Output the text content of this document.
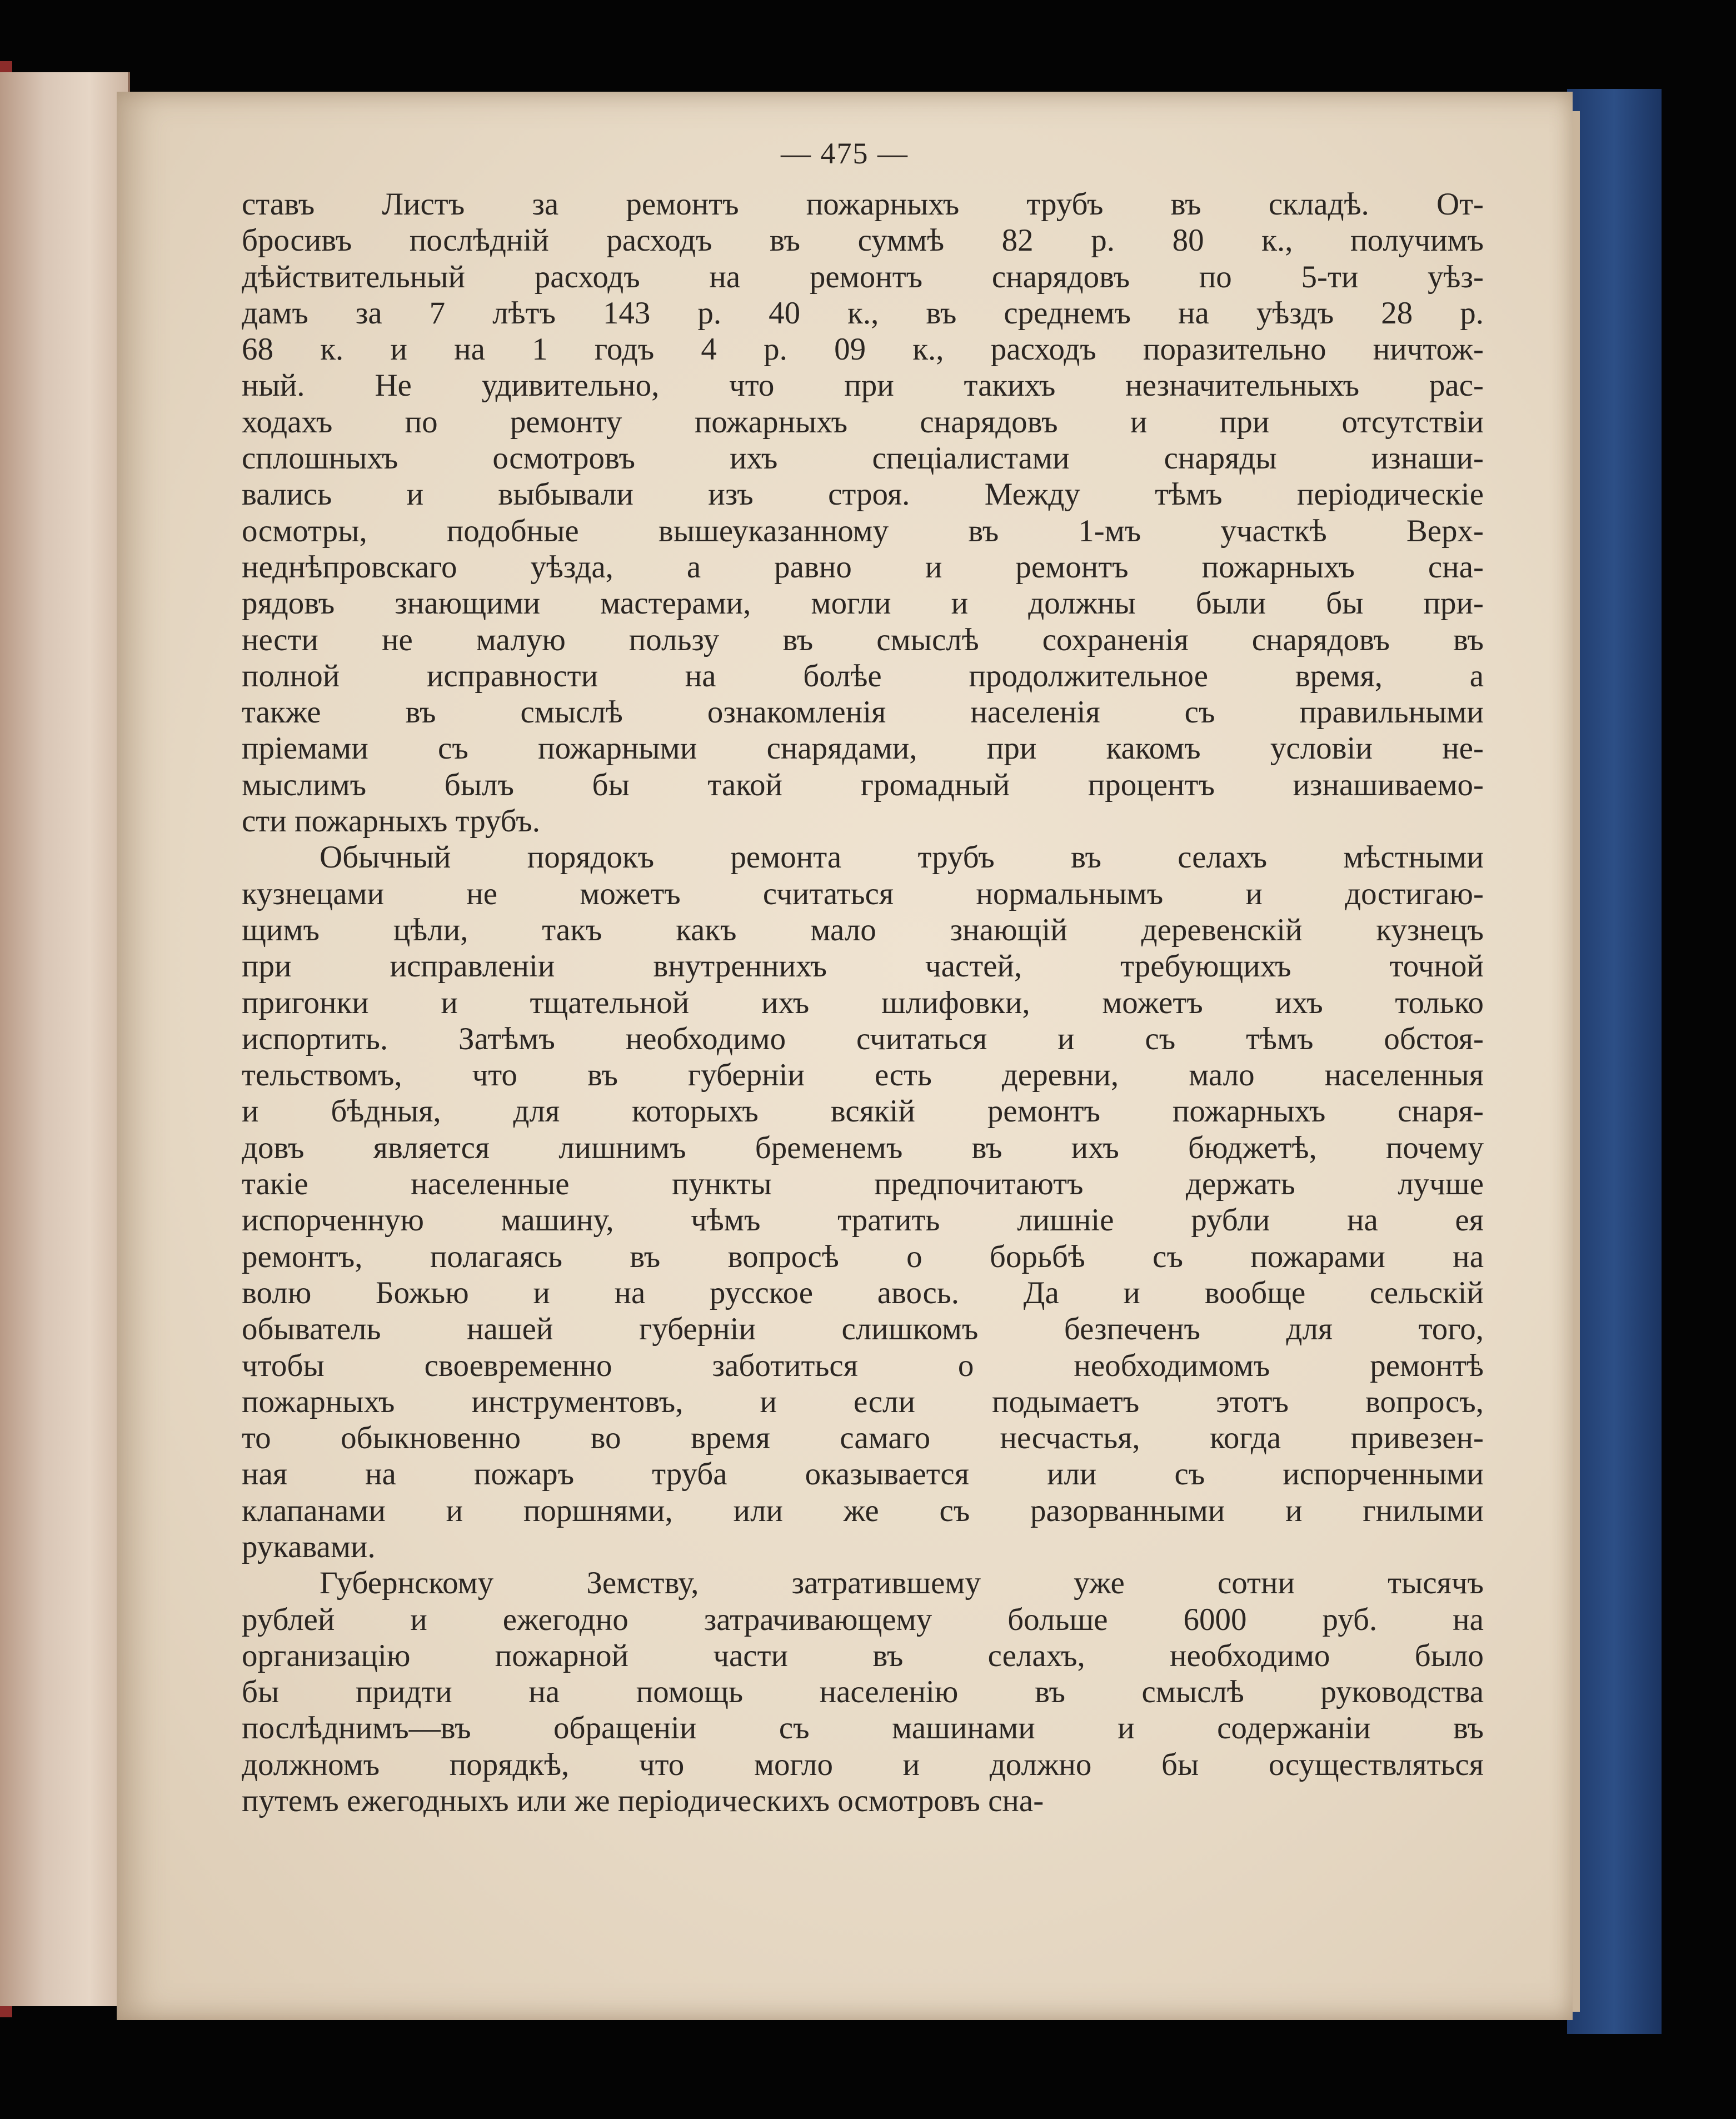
— 475 —
ставъ Листъ за ремонтъ пожарныхъ трубъ въ складѣ. От-
бросивъ послѣдній расходъ въ суммѣ 82 р. 80 к., получимъ
дѣйствительный расходъ на ремонтъ снарядовъ по 5-ти уѣз-
дамъ за 7 лѣтъ 143 р. 40 к., въ среднемъ на уѣздъ 28 р.
68 к. и на 1 годъ 4 р. 09 к., расходъ поразительно ничтож-
ный. Не удивительно, что при такихъ незначительныхъ рас-
ходахъ по ремонту пожарныхъ снарядовъ и при отсутствіи
сплошныхъ осмотровъ ихъ спеціалистами снаряды изнаши-
вались и выбывали изъ строя. Между тѣмъ періодическіе
осмотры, подобные вышеуказанному въ 1-мъ участкѣ Верх-
неднѣпровскаго уѣзда, а равно и ремонтъ пожарныхъ сна-
рядовъ знающими мастерами, могли и должны были бы при-
нести не малую пользу въ смыслѣ сохраненія снарядовъ въ
полной исправности на болѣе продолжительное время, а
также въ смыслѣ ознакомленія населенія съ правильными
пріемами съ пожарными снарядами, при какомъ условіи не-
мыслимъ былъ бы такой громадный процентъ изнашиваемо-
сти пожарныхъ трубъ.
Обычный порядокъ ремонта трубъ въ селахъ мѣстными
кузнецами не можетъ считаться нормальнымъ и достигаю-
щимъ цѣли, такъ какъ мало знающій деревенскій кузнецъ
при исправленіи внутреннихъ частей, требующихъ точной
пригонки и тщательной ихъ шлифовки, можетъ ихъ только
испортить. Затѣмъ необходимо считаться и съ тѣмъ обстоя-
тельствомъ, что въ губерніи есть деревни, мало населенныя
и бѣдныя, для которыхъ всякій ремонтъ пожарныхъ снаря-
довъ является лишнимъ бременемъ въ ихъ бюджетѣ, почему
такіе населенные пункты предпочитаютъ держать лучше
испорченную машину, чѣмъ тратить лишніе рубли на ея
ремонтъ, полагаясь въ вопросѣ о борьбѣ съ пожарами на
волю Божью и на русское авось. Да и вообще сельскій
обыватель нашей губерніи слишкомъ безпеченъ для того,
чтобы своевременно заботиться о необходимомъ ремонтѣ
пожарныхъ инструментовъ, и если подымаетъ этотъ вопросъ,
то обыкновенно во время самаго несчастья, когда привезен-
ная на пожаръ труба оказывается или съ испорченными
клапанами и поршнями, или же съ разорванными и гнилыми
рукавами.
Губернскому Земству, затратившему уже сотни тысячъ
рублей и ежегодно затрачивающему больше 6000 руб. на
организацію пожарной части въ селахъ, необходимо было
бы придти на помощь населенію въ смыслѣ руководства
послѣднимъ—въ обращеніи съ машинами и содержаніи въ
должномъ порядкѣ, что могло и должно бы осуществляться
путемъ ежегодныхъ или же періодическихъ осмотровъ сна-
